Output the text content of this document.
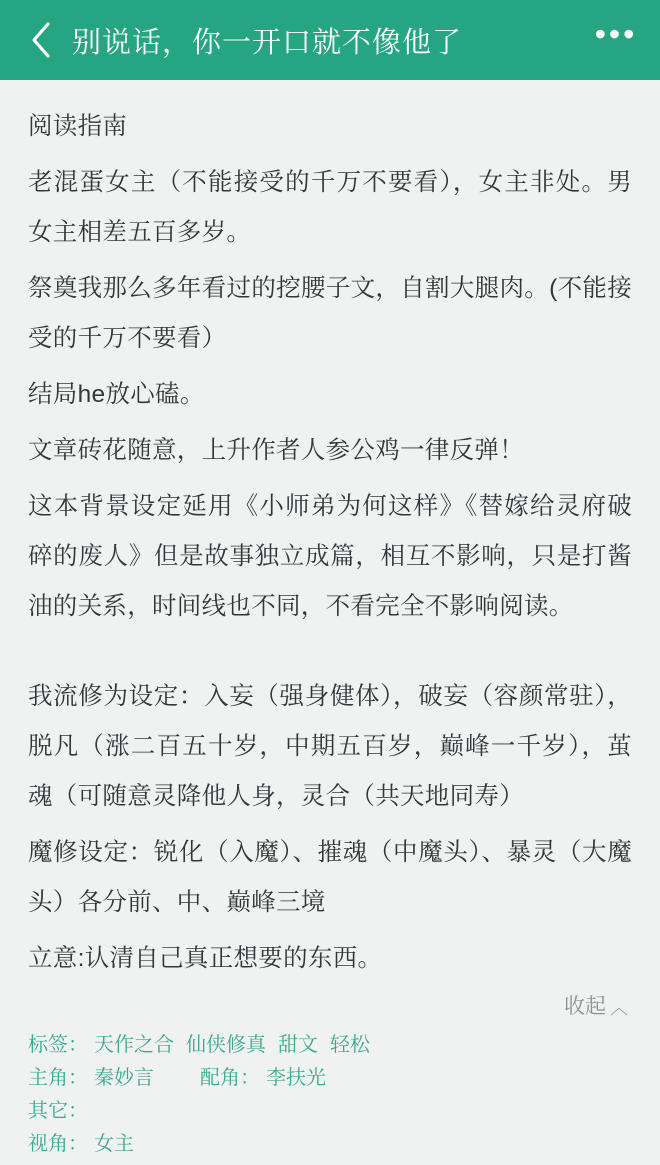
别说话，你一开口就不像他了	•••

阅读指南

老混蛋女主（不能接受的千万不要看），女主非处。男女主相差五百多岁。

祭奠我那么多年看过的挖腰子文，自割大腿肉。(不能接受的千万不要看）

结局he放心磕。

文章砖花随意，上升作者人参公鸡一律反弹！

这本背景设定延用《小师弟为何这样》《替嫁给灵府破碎的废人》但是故事独立成篇，相互不影响，只是打酱油的关系，时间线也不同，不看完全不影响阅读。

我流修为设定：入妄（强身健体），破妄（容颜常驻），脱凡（涨二百五十岁，中期五百岁，巅峰一千岁），茧魂（可随意灵降他人身，灵合（共天地同寿）

魔修设定：锐化（入魔）、摧魂（中魔头）、暴灵（大魔头）各分前、中、巅峰三境

立意:认清自己真正想要的东西。

收起 ︿
标签： 天作之合 仙侠修真 甜文 轻松
主角： 秦妙言 配角： 李扶光
其它：
视角： 女主
